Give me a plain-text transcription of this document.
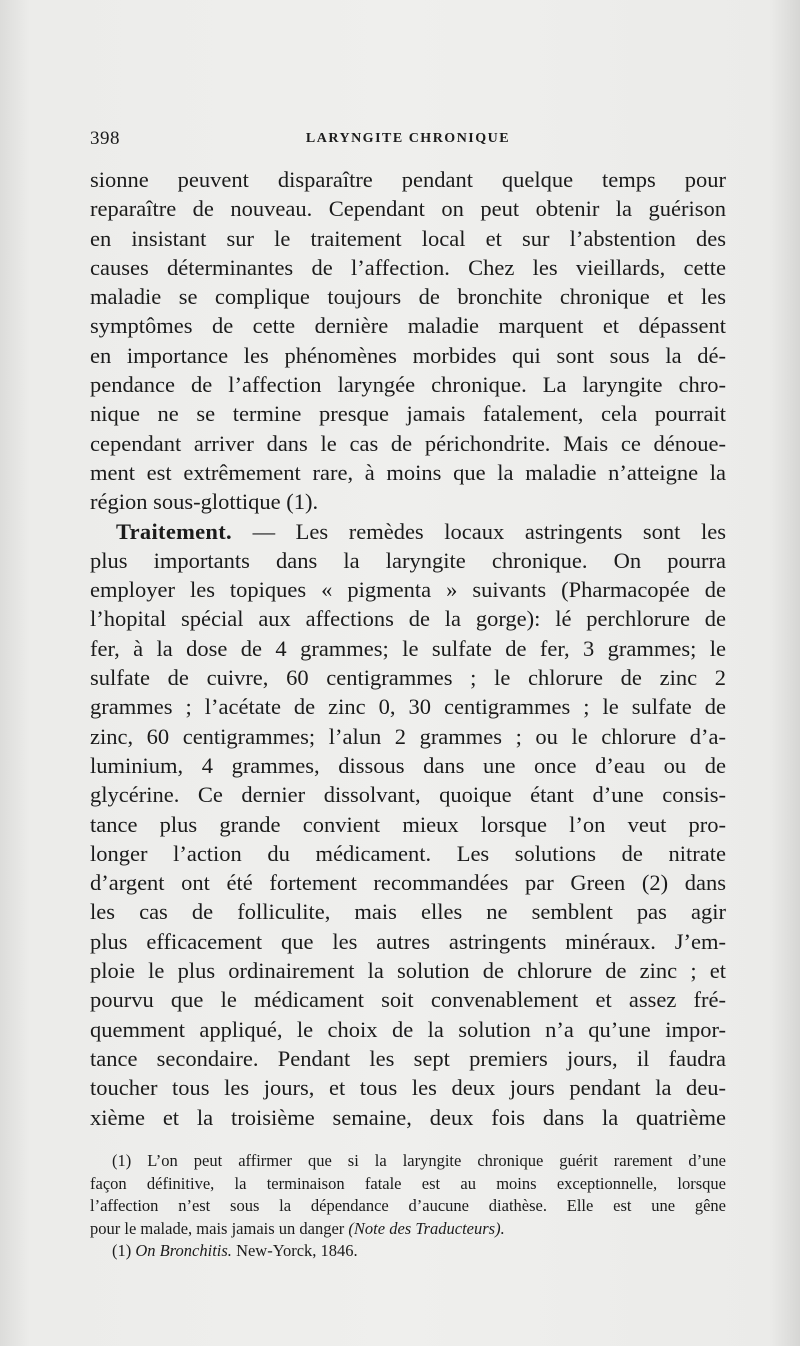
398	LARYNGITE CHRONIQUE
sionne peuvent disparaître pendant quelque temps pour
reparaître de nouveau. Cependant on peut obtenir la guérison
en insistant sur le traitement local et sur l’abstention des
causes déterminantes de l’affection. Chez les vieillards, cette
maladie se complique toujours de bronchite chronique et les
symptômes de cette dernière maladie marquent et dépassent
en importance les phénomènes morbides qui sont sous la dé-
pendance de l’affection laryngée chronique. La laryngite chro-
nique ne se termine presque jamais fatalement, cela pourrait
cependant arriver dans le cas de périchondrite. Mais ce dénoue-
ment est extrêmement rare, à moins que la maladie n’atteigne la
région sous-glottique (1).
Traitement. — Les remèdes locaux astringents sont les
plus importants dans la laryngite chronique. On pourra
employer les topiques « pigmenta » suivants (Pharmacopée de
l’hopital spécial aux affections de la gorge): lé perchlorure de
fer, à la dose de 4 grammes; le sulfate de fer, 3 grammes; le
sulfate de cuivre, 60 centigrammes ; le chlorure de zinc 2
grammes ; l’acétate de zinc 0, 30 centigrammes ; le sulfate de
zinc, 60 centigrammes; l’alun 2 grammes ; ou le chlorure d’a-
luminium, 4 grammes, dissous dans une once d’eau ou de
glycérine. Ce dernier dissolvant, quoique étant d’une consis-
tance plus grande convient mieux lorsque l’on veut pro-
longer l’action du médicament. Les solutions de nitrate
d’argent ont été fortement recommandées par Green (2) dans
les cas de folliculite, mais elles ne semblent pas agir
plus efficacement que les autres astringents minéraux. J’em-
ploie le plus ordinairement la solution de chlorure de zinc ; et
pourvu que le médicament soit convenablement et assez fré-
quemment appliqué, le choix de la solution n’a qu’une impor-
tance secondaire. Pendant les sept premiers jours, il faudra
toucher tous les jours, et tous les deux jours pendant la deu-
xième et la troisième semaine, deux fois dans la quatrième
(1) L’on peut affirmer que si la laryngite chronique guérit rarement d’une
façon définitive, la terminaison fatale est au moins exceptionnelle, lorsque
l’affection n’est sous la dépendance d’aucune diathèse. Elle est une gêne
pour le malade, mais jamais un danger (Note des Traducteurs).
(1) On Bronchitis. New-Yorck, 1846.
